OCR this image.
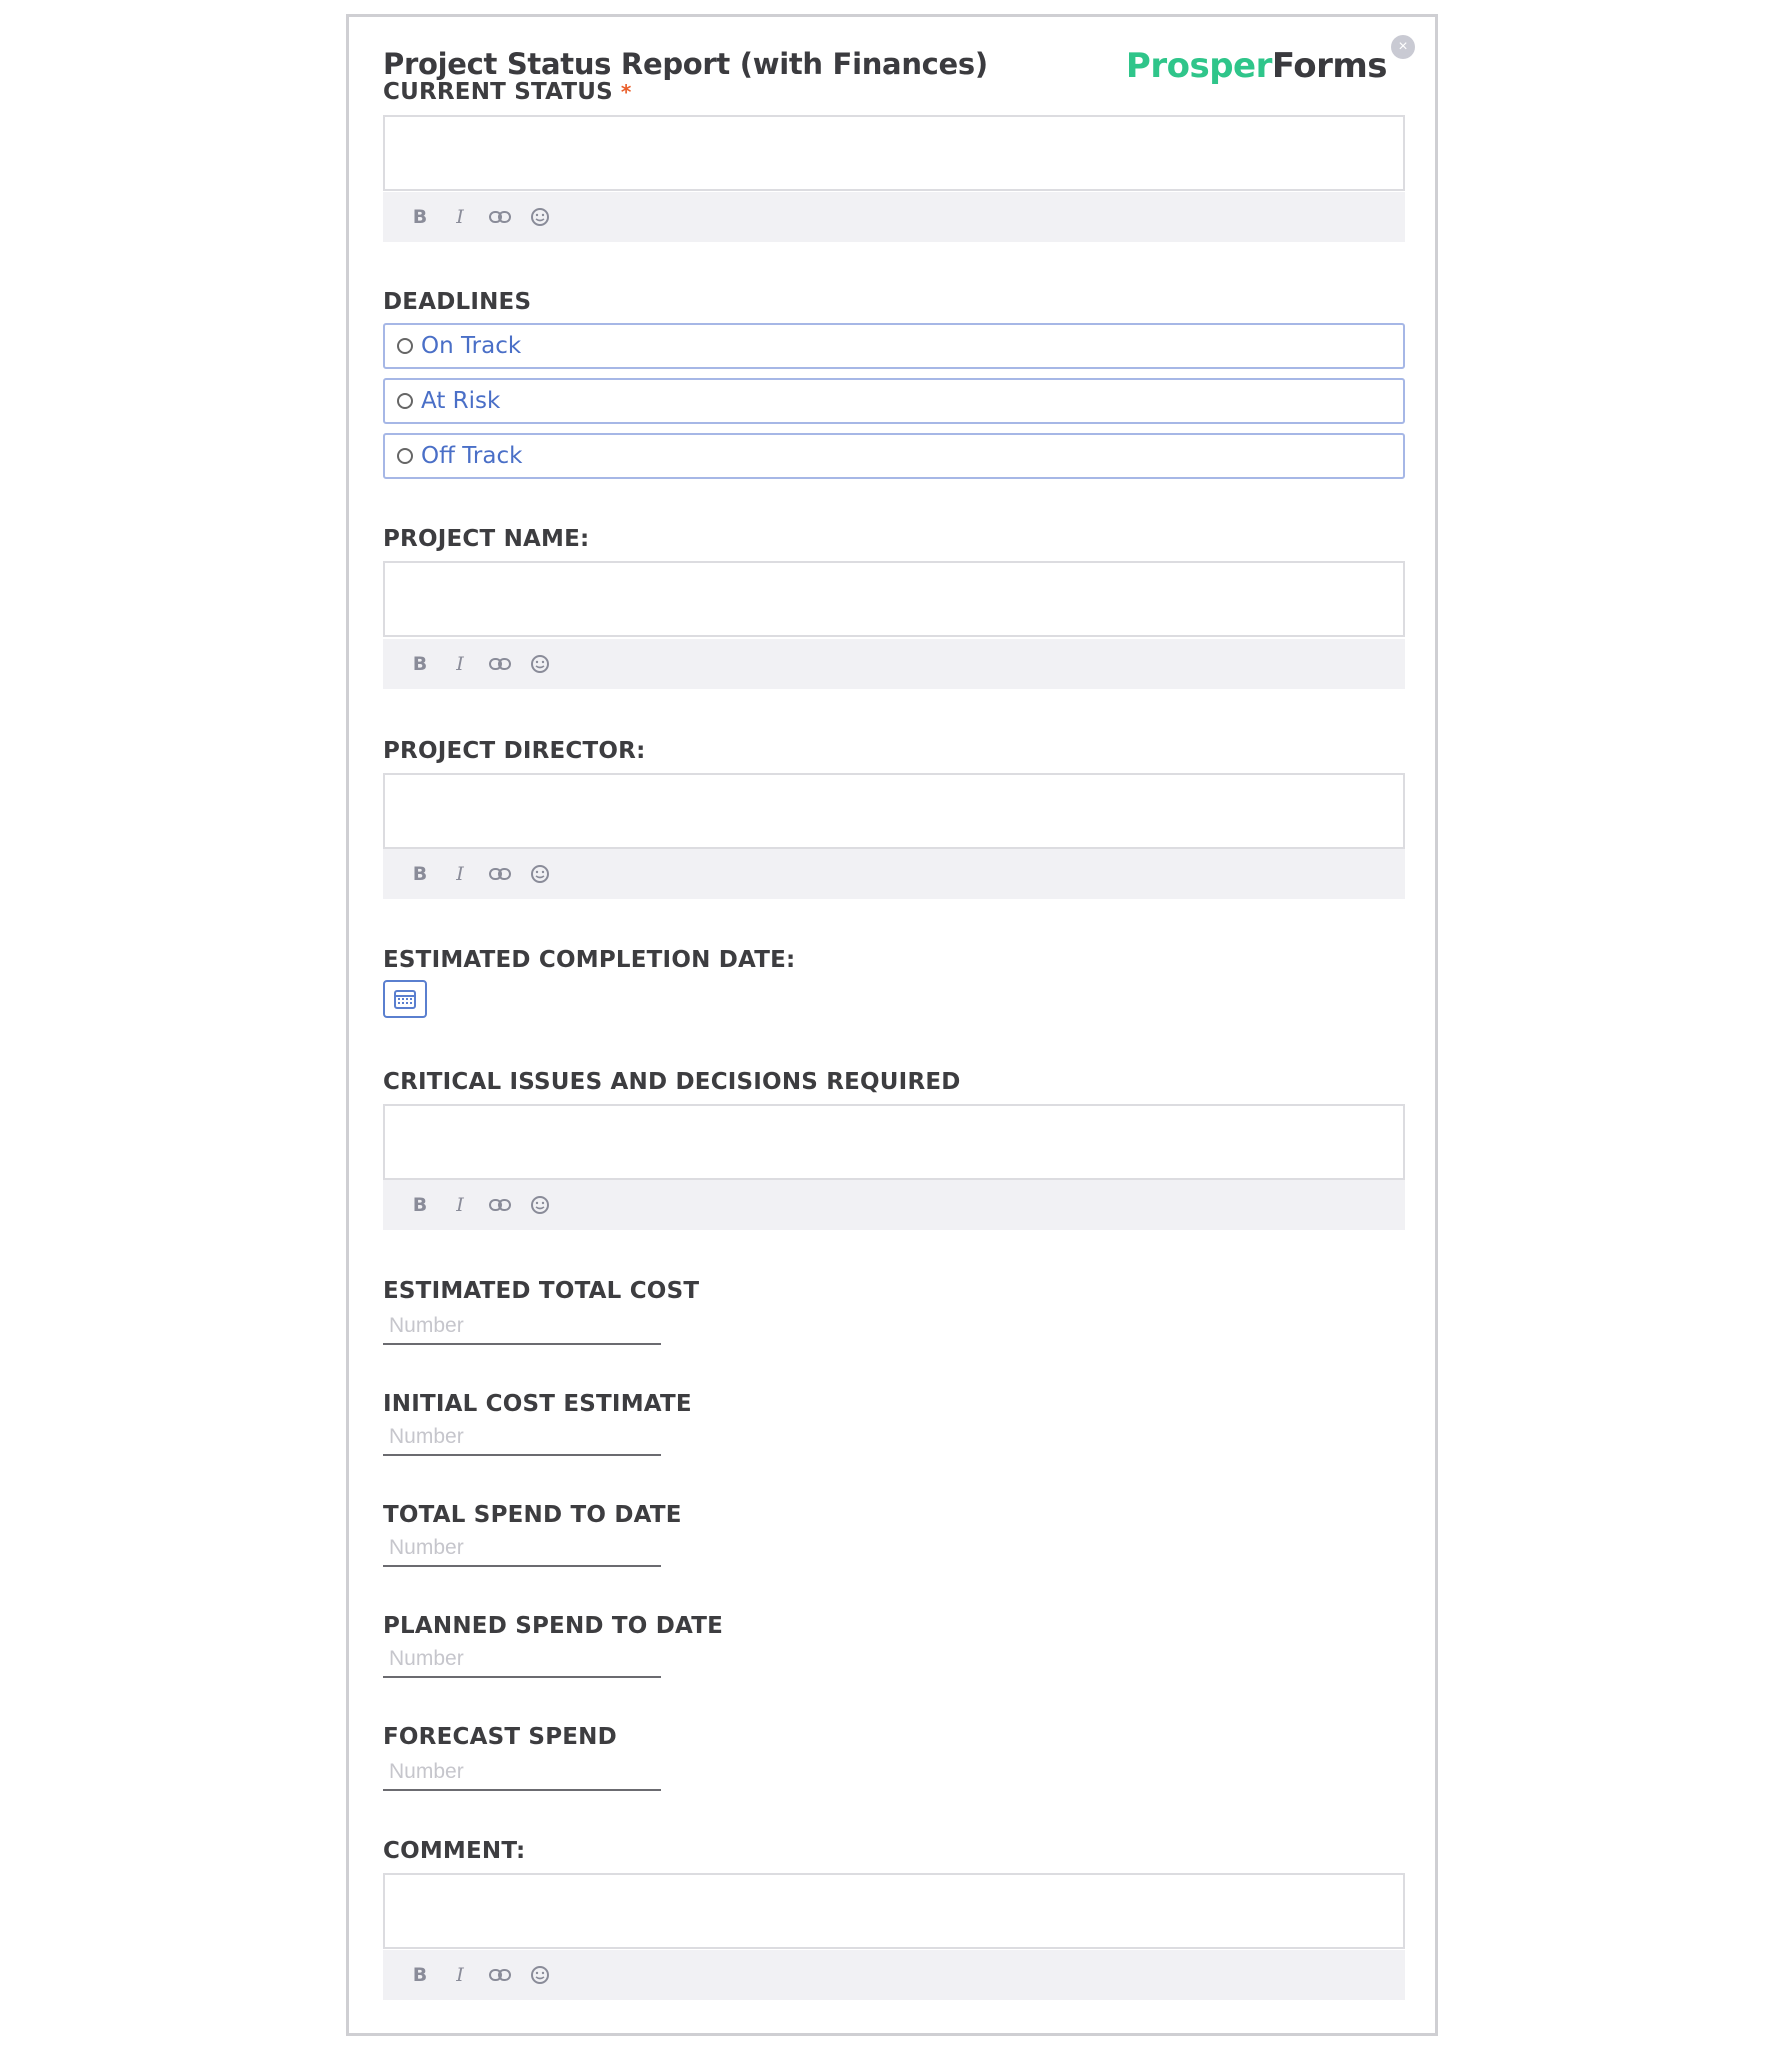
Project Status Report (with Finances)	ProsperForms ×
CURRENT STATUS *
B	I
DEADLINES
On Track
At Risk
Off Track
PROJECT NAME:
B	I
PROJECT DIRECTOR:
B	I
ESTIMATED COMPLETION DATE:
CRITICAL ISSUES AND DECISIONS REQUIRED
B	I
ESTIMATED TOTAL COST
Number
INITIAL COST ESTIMATE
Number
TOTAL SPEND TO DATE
Number
PLANNED SPEND TO DATE
Number
FORECAST SPEND
Number
COMMENT:
B	I
